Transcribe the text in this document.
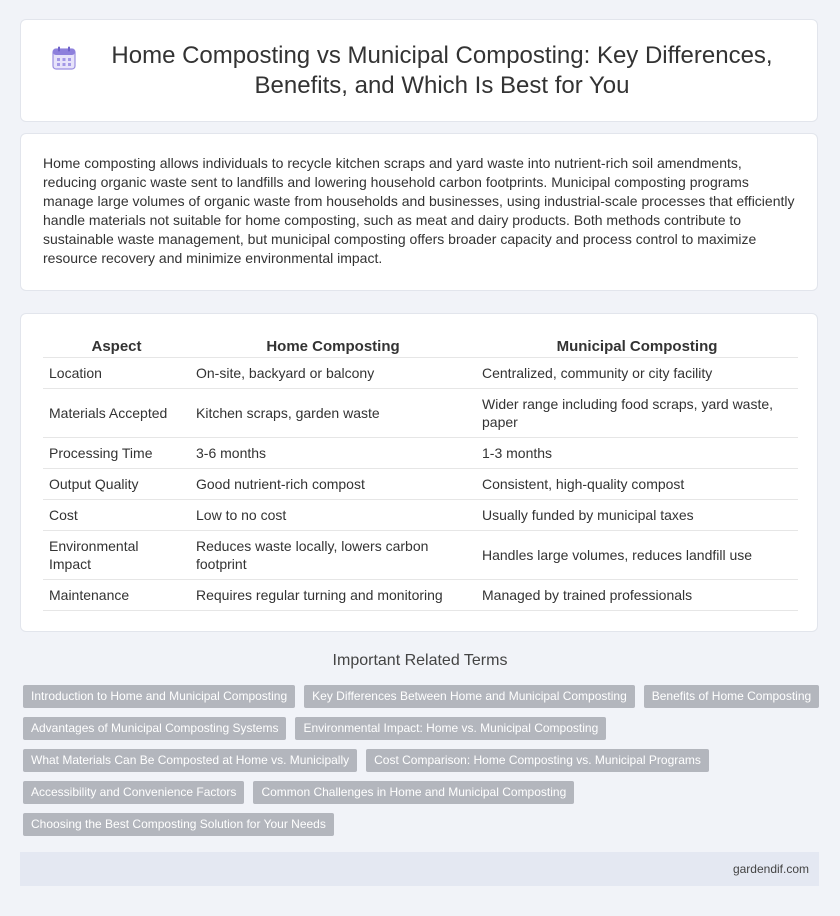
Home Composting vs Municipal Composting: Key Differences, Benefits, and Which Is Best for You

Home composting allows individuals to recycle kitchen scraps and yard waste into nutrient-rich soil amendments, reducing organic waste sent to landfills and lowering household carbon footprints. Municipal composting programs manage large volumes of organic waste from households and businesses, using industrial-scale processes that efficiently handle materials not suitable for home composting, such as meat and dairy products. Both methods contribute to sustainable waste management, but municipal composting offers broader capacity and process control to maximize resource recovery and minimize environmental impact.

Aspect	Home Composting	Municipal Composting
Location	On-site, backyard or balcony	Centralized, community or city facility
Materials Accepted	Kitchen scraps, garden waste	Wider range including food scraps, yard waste, paper
Processing Time	3-6 months	1-3 months
Output Quality	Good nutrient-rich compost	Consistent, high-quality compost
Cost	Low to no cost	Usually funded by municipal taxes
Environmental Impact	Reduces waste locally, lowers carbon footprint	Handles large volumes, reduces landfill use
Maintenance	Requires regular turning and monitoring	Managed by trained professionals
Important Related Terms
Introduction to Home and Municipal Composting	Key Differences Between Home and Municipal Composting	Benefits of Home Composting
Advantages of Municipal Composting Systems	Environmental Impact: Home vs. Municipal Composting
What Materials Can Be Composted at Home vs. Municipally	Cost Comparison: Home Composting vs. Municipal Programs
Accessibility and Convenience Factors	Common Challenges in Home and Municipal Composting
Choosing the Best Composting Solution for Your Needs
gardendif.com
